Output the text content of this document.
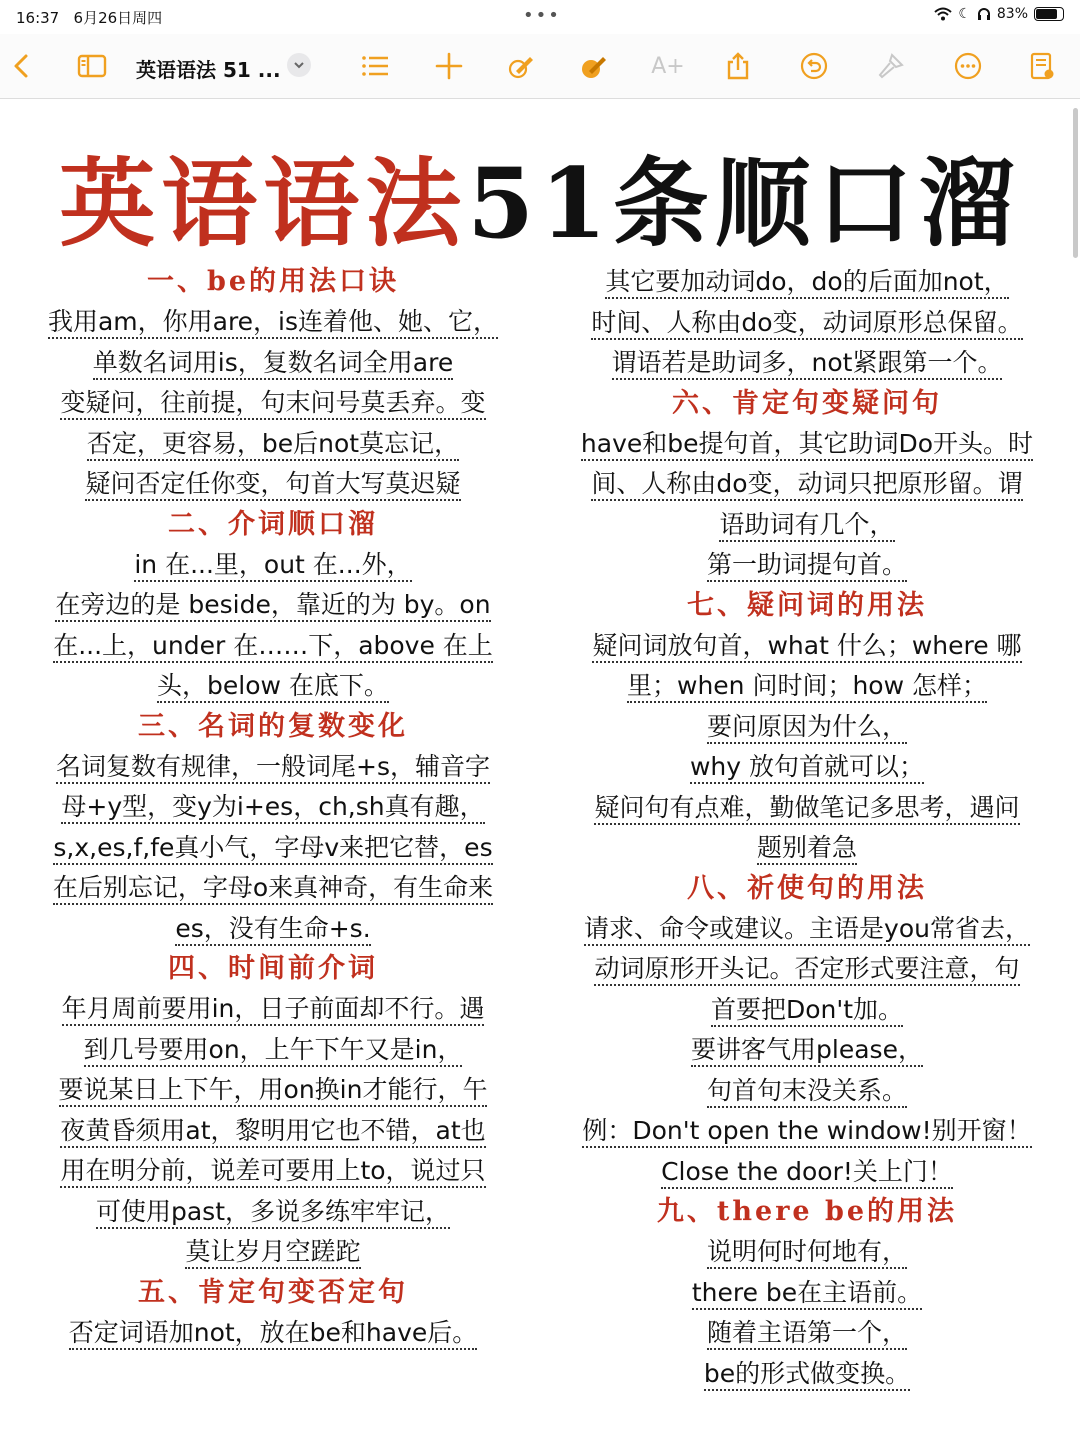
16:37 6月26日周四	•••	☾ 83%
英语语法 51 ...	A+
英语语法51条顺口溜
一、be的用法口诀
我用am，你用are，is连着他、她、它，
单数名词用is，复数名词全用are
变疑问，往前提，句末问号莫丢弃。变
否定，更容易，be后not莫忘记，
疑问否定任你变，句首大写莫迟疑
二、介词顺口溜
in 在...里，out 在...外，
在旁边的是 beside，靠近的为 by。on
在...上，under 在……下，above 在上
头，below 在底下。
三、名词的复数变化
名词复数有规律，一般词尾+s，辅音字
母+y型，变y为i+es，ch,sh真有趣，
s,x,es,f,fe真小气，字母v来把它替，es
在后别忘记，字母o来真神奇，有生命来
es，没有生命+s.
四、时间前介词
年月周前要用in，日子前面却不行。遇
到几号要用on，上午下午又是in，
要说某日上下午，用on换in才能行，午
夜黄昏须用at，黎明用它也不错，at也
用在明分前，说差可要用上to，说过只
可使用past，多说多练牢牢记，
莫让岁月空蹉跎
五、肯定句变否定句
否定词语加not，放在be和have后。
其它要加动词do，do的后面加not，
时间、人称由do变，动词原形总保留。
谓语若是助词多，not紧跟第一个。
六、肯定句变疑问句
have和be提句首，其它助词Do开头。时
间、人称由do变，动词只把原形留。谓
语助词有几个，
第一助词提句首。
七、疑问词的用法
疑问词放句首，what 什么；where 哪
里；when 问时间；how 怎样；
要问原因为什么，
why 放句首就可以；
疑问句有点难，勤做笔记多思考，遇问
题别着急
八、祈使句的用法
请求、命令或建议。主语是you常省去，
动词原形开头记。否定形式要注意，句
首要把Don't加。
要讲客气用please，
句首句末没关系。
例：Don't open the window!别开窗！
Close the door!关上门！
九、there be的用法
说明何时何地有，
there be在主语前。
随着主语第一个，
be的形式做变换。
